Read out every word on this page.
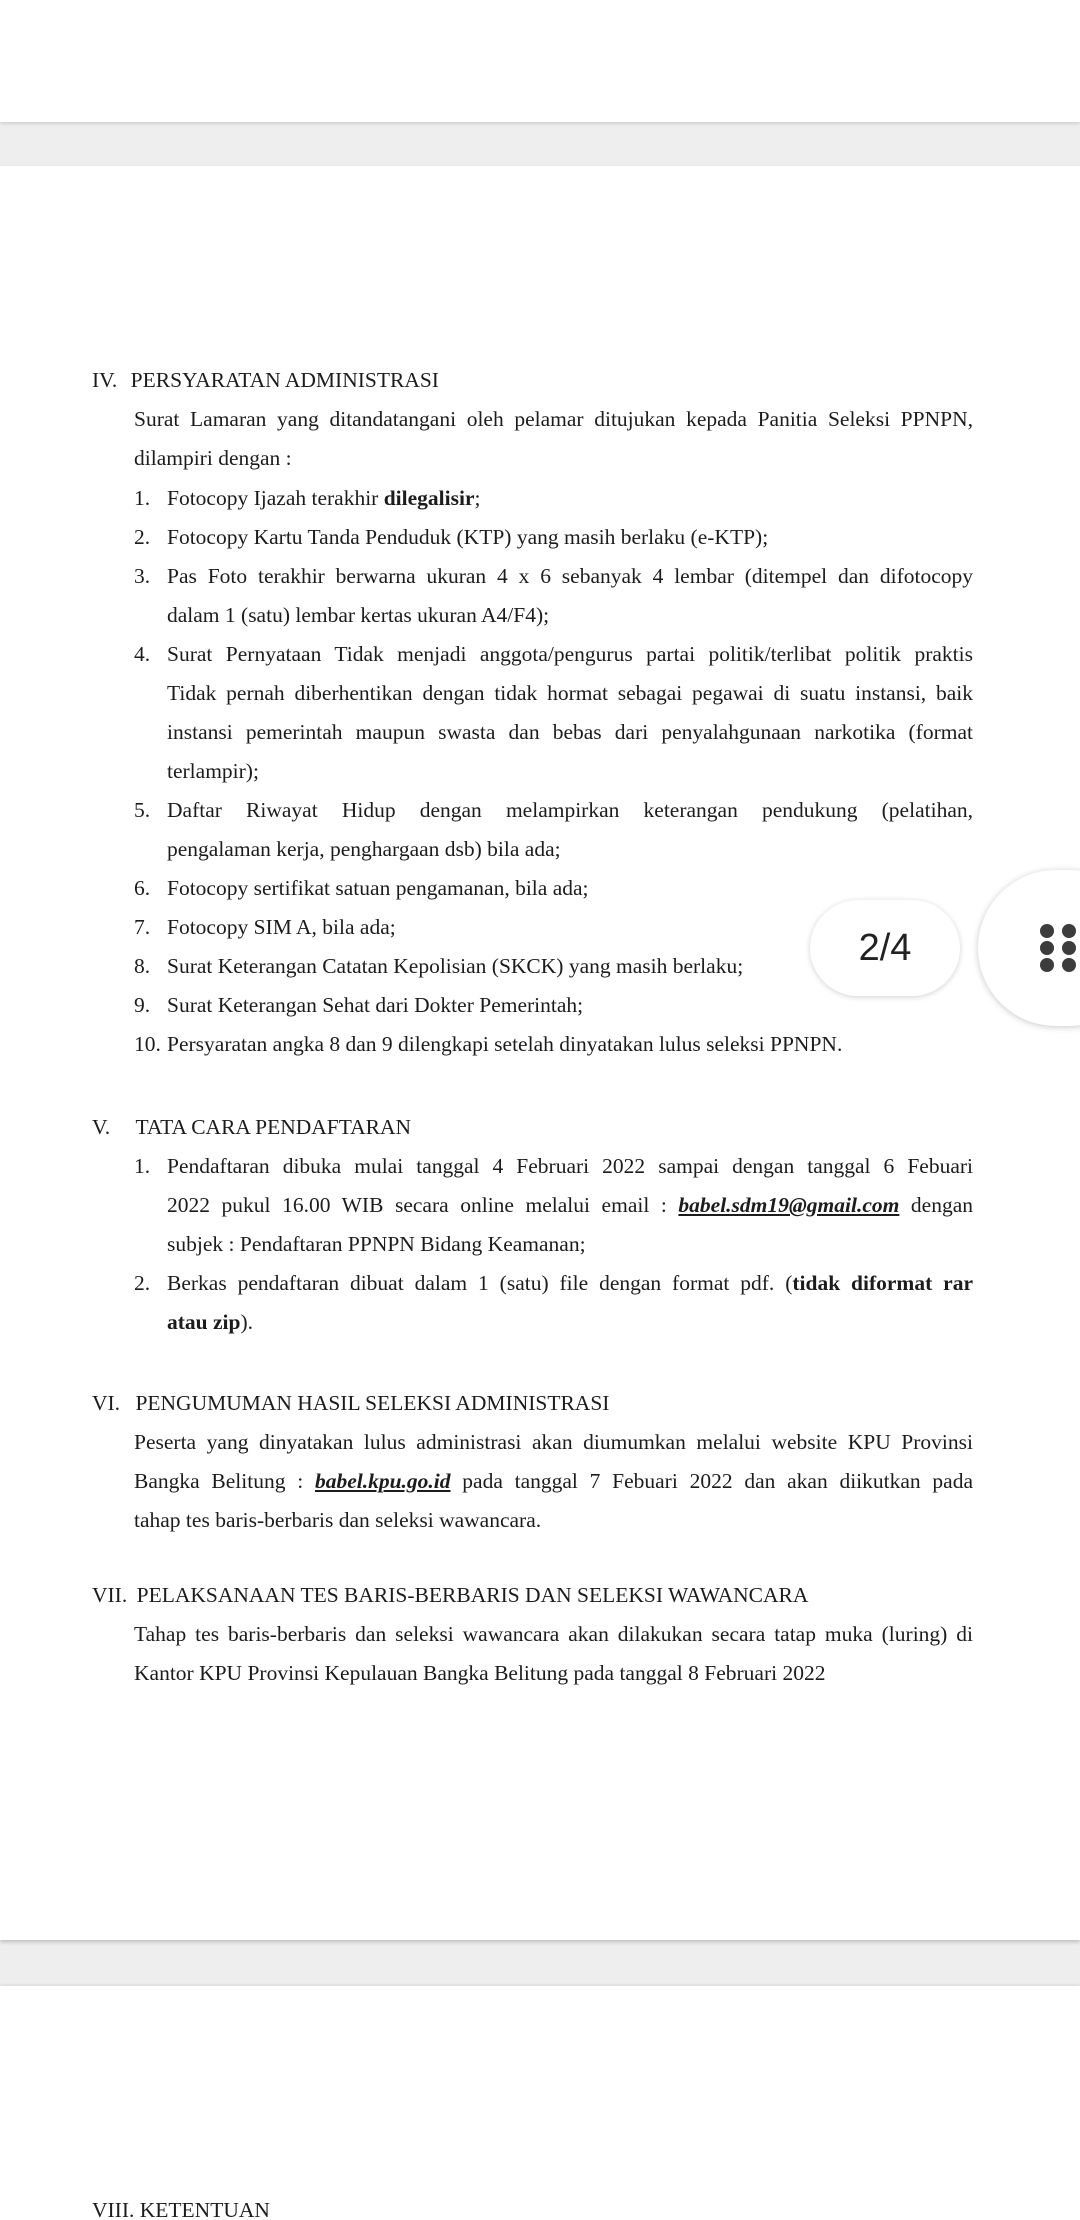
IV. PERSYARATAN ADMINISTRASI
Surat Lamaran yang ditandatangani oleh pelamar ditujukan kepada Panitia Seleksi PPNPN,
dilampiri dengan :
1. Fotocopy Ijazah terakhir dilegalisir;
2. Fotocopy Kartu Tanda Penduduk (KTP) yang masih berlaku (e-KTP);
3. Pas Foto terakhir berwarna ukuran 4 x 6 sebanyak 4 lembar (ditempel dan difotocopy
dalam 1 (satu) lembar kertas ukuran A4/F4);
4. Surat Pernyataan Tidak menjadi anggota/pengurus partai politik/terlibat politik praktis
Tidak pernah diberhentikan dengan tidak hormat sebagai pegawai di suatu instansi, baik
instansi pemerintah maupun swasta dan bebas dari penyalahgunaan narkotika (format
terlampir);
5. Daftar Riwayat Hidup dengan melampirkan keterangan pendukung (pelatihan,
pengalaman kerja, penghargaan dsb) bila ada;
6. Fotocopy sertifikat satuan pengamanan, bila ada;
7. Fotocopy SIM A, bila ada;
8. Surat Keterangan Catatan Kepolisian (SKCK) yang masih berlaku;
9. Surat Keterangan Sehat dari Dokter Pemerintah;
10. Persyaratan angka 8 dan 9 dilengkapi setelah dinyatakan lulus seleksi PPNPN.
V. TATA CARA PENDAFTARAN
1. Pendaftaran dibuka mulai tanggal 4 Februari 2022 sampai dengan tanggal 6 Febuari
2022 pukul 16.00 WIB secara online melalui email : babel.sdm19@gmail.com dengan
subjek : Pendaftaran PPNPN Bidang Keamanan;
2. Berkas pendaftaran dibuat dalam 1 (satu) file dengan format pdf. (tidak diformat rar
atau zip).
VI. PENGUMUMAN HASIL SELEKSI ADMINISTRASI
Peserta yang dinyatakan lulus administrasi akan diumumkan melalui website KPU Provinsi
Bangka Belitung : babel.kpu.go.id pada tanggal 7 Febuari 2022 dan akan diikutkan pada
tahap tes baris-berbaris dan seleksi wawancara.
VII. PELAKSANAAN TES BARIS-BERBARIS DAN SELEKSI WAWANCARA
Tahap tes baris-berbaris dan seleksi wawancara akan dilakukan secara tatap muka (luring) di
Kantor KPU Provinsi Kepulauan Bangka Belitung pada tanggal 8 Februari 2022
VIII. KETENTUAN
2/4
